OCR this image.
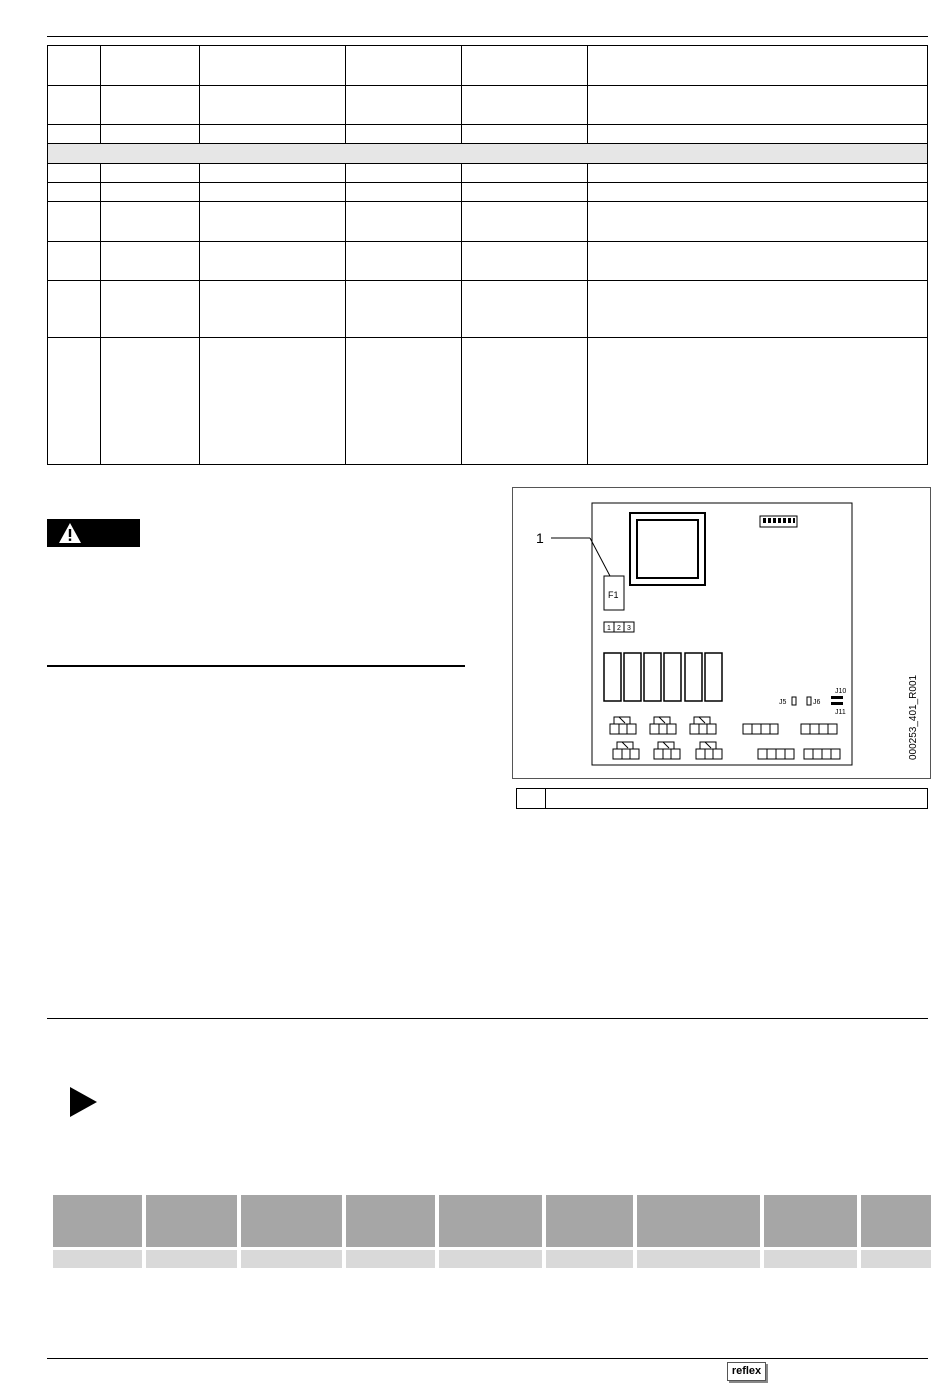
1
F1
1 2 3
J5	J6
J10
J11	000253_401_R001

reflex
